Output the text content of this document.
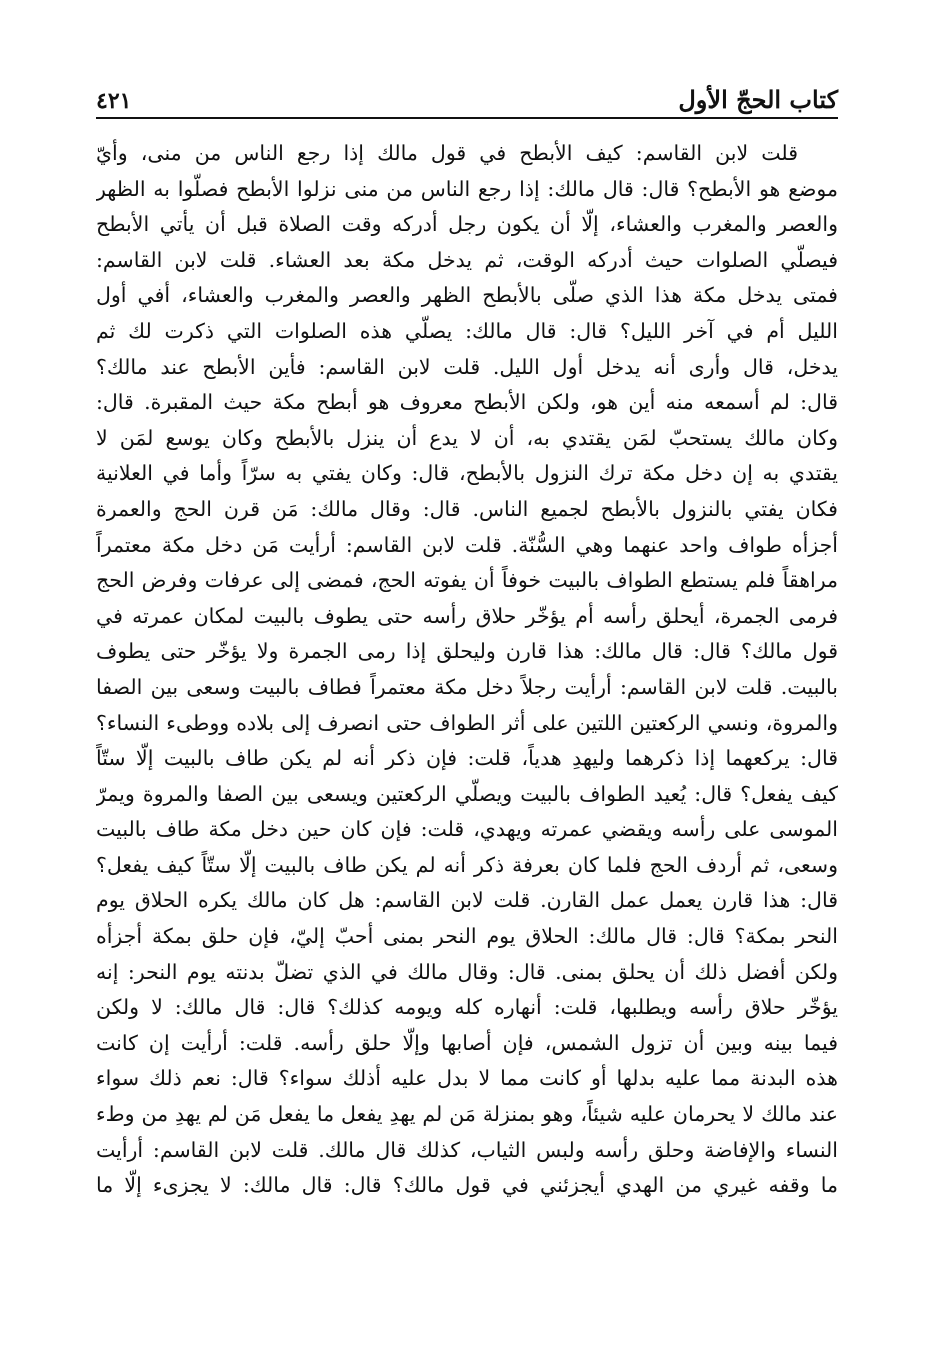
كتاب الحجّ الأول
٤٢١
قلت لابن القاسم: كيف الأبطح في قول مالك إذا رجع الناس من منى، وأيّ
موضع هو الأبطح؟ قال: قال مالك: إذا رجع الناس من منى نزلوا الأبطح فصلّوا به الظهر
والعصر والمغرب والعشاء، إلّا أن يكون رجل أدركه وقت الصلاة قبل أن يأتي الأبطح
فيصلّي الصلوات حيث أدركه الوقت، ثم يدخل مكة بعد العشاء. قلت لابن القاسم:
فمتى يدخل مكة هذا الذي صلّى بالأبطح الظهر والعصر والمغرب والعشاء، أفي أول
الليل أم في آخر الليل؟ قال: قال مالك: يصلّي هذه الصلوات التي ذكرت لك ثم
يدخل، قال وأرى أنه يدخل أول الليل. قلت لابن القاسم: فأين الأبطح عند مالك؟
قال: لم أسمعه منه أين هو، ولكن الأبطح معروف هو أبطح مكة حيث المقبرة. قال:
وكان مالك يستحبّ لمَن يقتدي به، أن لا يدع أن ينزل بالأبطح وكان يوسع لمَن لا
يقتدي به إن دخل مكة ترك النزول بالأبطح، قال: وكان يفتي به سرّاً وأما في العلانية
فكان يفتي بالنزول بالأبطح لجميع الناس. قال: وقال مالك: مَن قرن الحج والعمرة
أجزأه طواف واحد عنهما وهي السُّنّة. قلت لابن القاسم: أرأيت مَن دخل مكة معتمراً
مراهقاً فلم يستطع الطواف بالبيت خوفاً أن يفوته الحج، فمضى إلى عرفات وفرض الحج
فرمى الجمرة، أيحلق رأسه أم يؤخّر حلاق رأسه حتى يطوف بالبيت لمكان عمرته في
قول مالك؟ قال: قال مالك: هذا قارن وليحلق إذا رمى الجمرة ولا يؤخّر حتى يطوف
بالبيت. قلت لابن القاسم: أرأيت رجلاً دخل مكة معتمراً فطاف بالبيت وسعى بين الصفا
والمروة، ونسي الركعتين اللتين على أثر الطواف حتى انصرف إلى بلاده ووطىء النساء؟
قال: يركعهما إذا ذكرهما وليهدِ هدياً، قلت: فإن ذكر أنه لم يكن طاف بالبيت إلّا ستّاً
كيف يفعل؟ قال: يُعيد الطواف بالبيت ويصلّي الركعتين ويسعى بين الصفا والمروة ويمرّ
الموسى على رأسه ويقضي عمرته ويهدي، قلت: فإن كان حين دخل مكة طاف بالبيت
وسعى، ثم أردف الحج فلما كان بعرفة ذكر أنه لم يكن طاف بالبيت إلّا ستّاً كيف يفعل؟
قال: هذا قارن يعمل عمل القارن. قلت لابن القاسم: هل كان مالك يكره الحلاق يوم
النحر بمكة؟ قال: قال مالك: الحلاق يوم النحر بمنى أحبّ إليّ، فإن حلق بمكة أجزأه
ولكن أفضل ذلك أن يحلق بمنى. قال: وقال مالك في الذي تضلّ بدنته يوم النحر: إنه
يؤخّر حلاق رأسه ويطلبها، قلت: أنهاره كله ويومه كذلك؟ قال: قال مالك: لا ولكن
فيما بينه وبين أن تزول الشمس، فإن أصابها وإلّا حلق رأسه. قلت: أرأيت إن كانت
هذه البدنة مما عليه بدلها أو كانت مما لا بدل عليه أذلك سواء؟ قال: نعم ذلك سواء
عند مالك لا يحرمان عليه شيئاً، وهو بمنزلة مَن لم يهدِ يفعل ما يفعل مَن لم يهدِ من وطء
النساء والإفاضة وحلق رأسه ولبس الثياب، كذلك قال مالك. قلت لابن القاسم: أرأيت
ما وقفه غيري من الهدي أيجزئني في قول مالك؟ قال: قال مالك: لا يجزىء إلّا ما
